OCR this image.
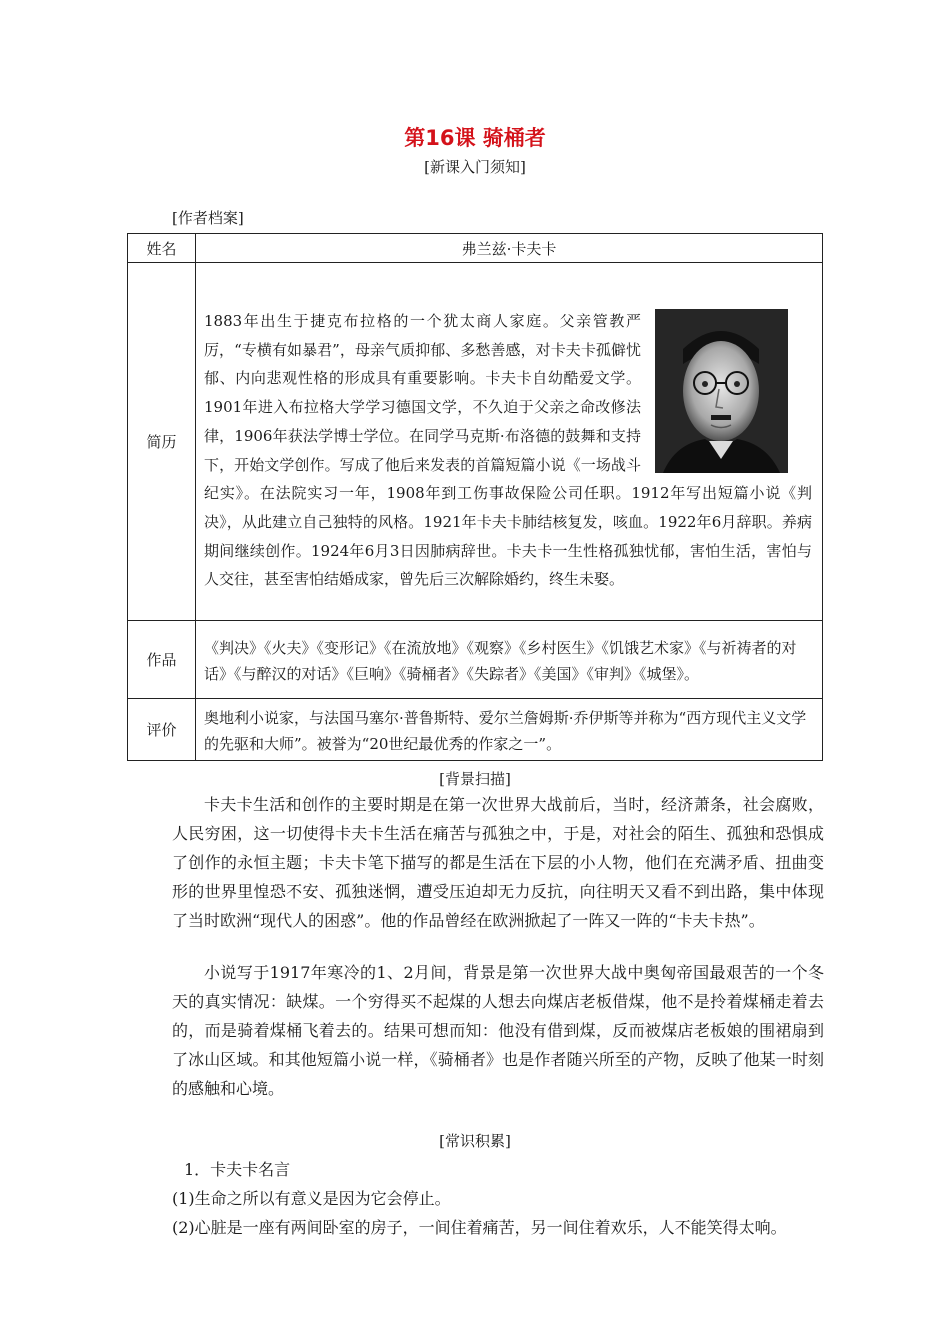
第16课 骑桶者
[新课入门须知]
[作者档案]
姓名	弗兰兹·卡夫卡
简历	1883年出生于捷克布拉格的一个犹太商人家庭。父亲管教严厉，“专横有如暴君”，母亲气质抑郁、多愁善感，对卡夫卡孤僻忧郁、内向悲观性格的形成具有重要影响。卡夫卡自幼酷爱文学。1901年进入布拉格大学学习德国文学，不久迫于父亲之命改修法律，1906年获法学博士学位。在同学马克斯·布洛德的鼓舞和支持下，开始文学创作。写成了他后来发表的首篇短篇小说《一场战斗纪实》。在法院实习一年，1908年到工伤事故保险公司任职。1912年写出短篇小说《判决》，从此建立自己独特的风格。1921年卡夫卡肺结核复发，咳血。1922年6月辞职。养病期间继续创作。1924年6月3日因肺病辞世。卡夫卡一生性格孤独忧郁，害怕生活，害怕与人交往，甚至害怕结婚成家，曾先后三次解除婚约，终生未娶。

作品	《判决》《火夫》《变形记》《在流放地》《观察》《乡村医生》《饥饿艺术家》《与祈祷者的对话》《与醉汉的对话》《巨响》《骑桶者》《失踪者》《美国》《审判》《城堡》。

评价	奥地利小说家，与法国马塞尔·普鲁斯特、爱尔兰詹姆斯·乔伊斯等并称为“西方现代主义文学的先驱和大师”。被誉为“20世纪最优秀的作家之一”。
[背景扫描]

卡夫卡生活和创作的主要时期是在第一次世界大战前后，当时，经济萧条，社会腐败，人民穷困，这一切使得卡夫卡生活在痛苦与孤独之中，于是，对社会的陌生、孤独和恐惧成了创作的永恒主题；卡夫卡笔下描写的都是生活在下层的小人物，他们在充满矛盾、扭曲变形的世界里惶恐不安、孤独迷惘，遭受压迫却无力反抗，向往明天又看不到出路，集中体现了当时欧洲“现代人的困惑”。他的作品曾经在欧洲掀起了一阵又一阵的“卡夫卡热”。

小说写于1917年寒冷的1、2月间，背景是第一次世界大战中奥匈帝国最艰苦的一个冬天的真实情况：缺煤。一个穷得买不起煤的人想去向煤店老板借煤，他不是拎着煤桶走着去的，而是骑着煤桶飞着去的。结果可想而知：他没有借到煤，反而被煤店老板娘的围裙扇到了冰山区域。和其他短篇小说一样，《骑桶者》也是作者随兴所至的产物，反映了他某一时刻的感触和心境。

[常识积累]
1．卡夫卡名言
(1)生命之所以有意义是因为它会停止。
(2)心脏是一座有两间卧室的房子，一间住着痛苦，另一间住着欢乐，人不能笑得太响。
